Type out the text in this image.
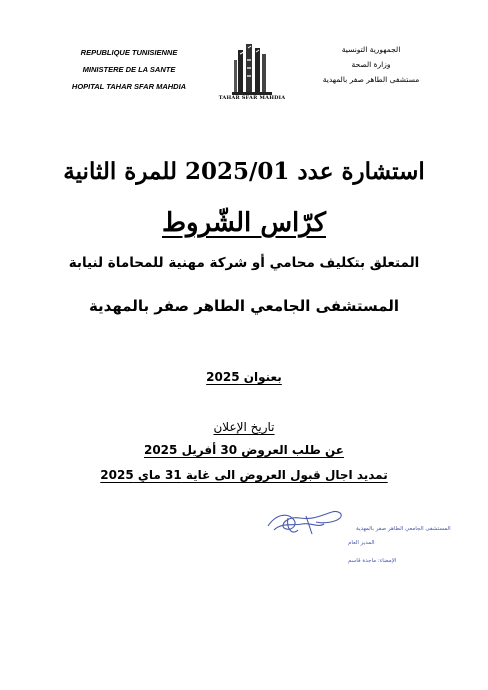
REPUBLIQUE TUNISIENNE
MINISTERE DE LA SANTE
HOPITAL TAHAR SFAR MAHDIA
TAHAR SFAR MAHDIA
الجمهورية التونسية
وزارة الصحة
مستشفى الطاهر صفر بالمهدية
استشارة عدد 2025/01 للمرة الثانية
كرّاس الشّروط
المتعلق بتكليف محامي أو شركة مهنية للمحاماة لنيابة
المستشفى الجامعي الطاهر صفر بالمهدية
بعنوان 2025
تاريخ الإعلان
عن طلب العروض 30 أفريل 2025
تمديد اجال قبول العروض الى غاية 31 ماي 2025
المستشفى الجامعي الطاهر صفر بالمهدية
المدير العام
الإمضاء: ماجدة قاسم
